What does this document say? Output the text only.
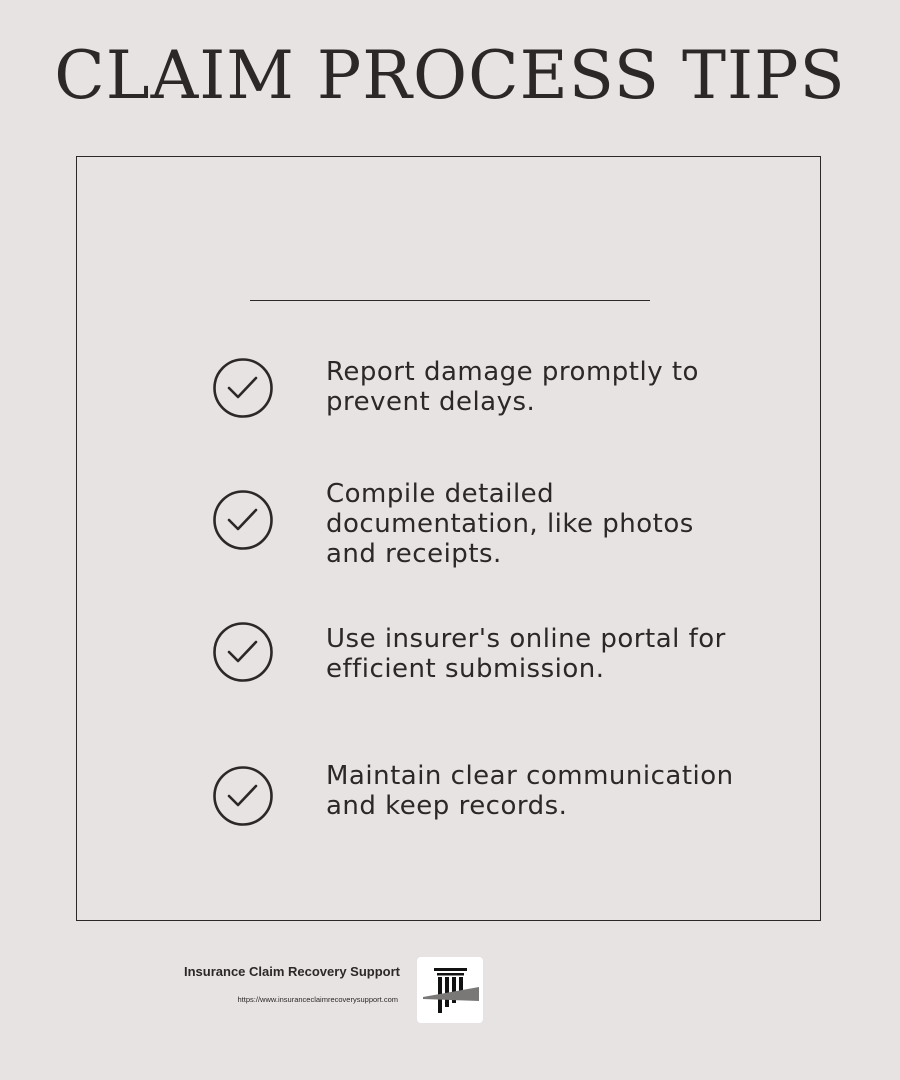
CLAIM PROCESS TIPS
Report damage promptly to prevent delays.
Compile detailed documentation, like photos and receipts.
Use insurer's online portal for efficient submission.
Maintain clear communication and keep records.
Insurance Claim Recovery Support
https://www.insuranceclaimrecoverysupport.com
